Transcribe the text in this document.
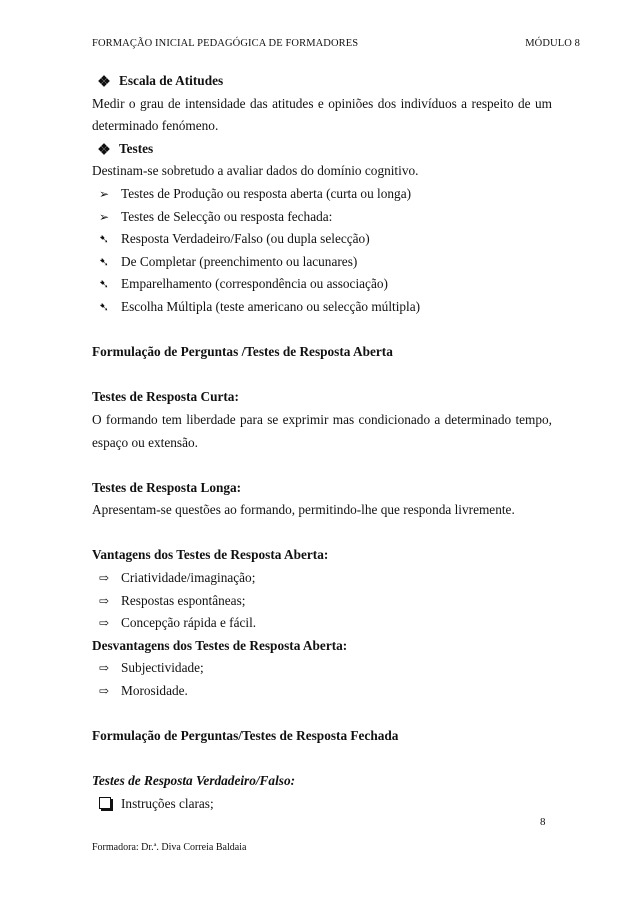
FORMAÇÃO INICIAL PEDAGÓGICA DE FORMADORES	MÓDULO 8
Escala de Atitudes
Medir o grau de intensidade das atitudes e opiniões dos indivíduos a respeito de um
determinado fenómeno.
Testes
Destinam-se sobretudo a avaliar dados do domínio cognitivo.
➢ Testes de Produção ou resposta aberta (curta ou longa)
➢ Testes de Selecção ou resposta fechada:
➷ Resposta Verdadeiro/Falso (ou dupla selecção)
➷ De Completar (preenchimento ou lacunares)
➷ Emparelhamento (correspondência ou associação)
➷ Escolha Múltipla (teste americano ou selecção múltipla)
Formulação de Perguntas /Testes de Resposta Aberta
Testes de Resposta Curta:
O formando tem liberdade para se exprimir mas condicionado a determinado tempo,
espaço ou extensão.
Testes de Resposta Longa:
Apresentam-se questões ao formando, permitindo-lhe que responda livremente.
Vantagens dos Testes de Resposta Aberta:
⇨ Criatividade/imaginação;
⇨ Respostas espontâneas;
⇨ Concepção rápida e fácil.
Desvantagens dos Testes de Resposta Aberta:
⇨ Subjectividade;
⇨ Morosidade.
Formulação de Perguntas/Testes de Resposta Fechada
Testes de Resposta Verdadeiro/Falso:
Instruções claras;
8
Formadora: Dr.ª. Diva Correia Baldaia
